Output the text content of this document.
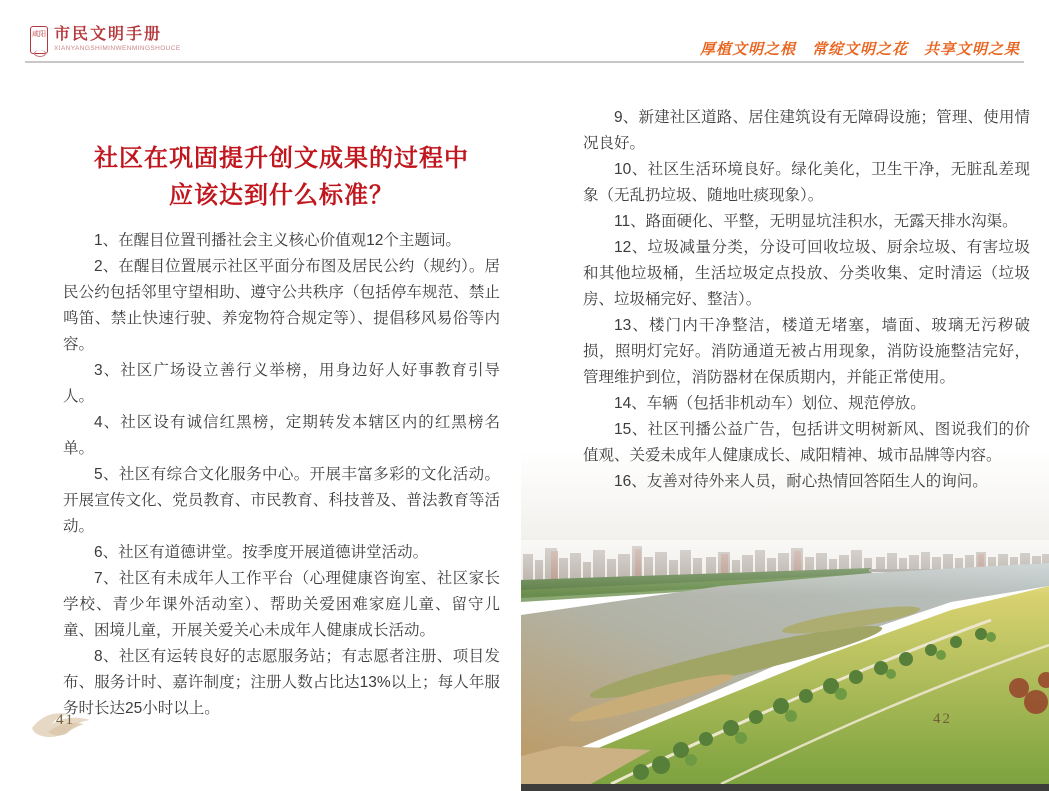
咸阳 市民文明手册
XIANYANGSHIMINWENMINGSHOUCE	厚植文明之根　常绽文明之花　共享文明之果
社区在巩固提升创文成果的过程中
应该达到什么标准？

1、在醒目位置刊播社会主义核心价值观12个主题词。

2、在醒目位置展示社区平面分布图及居民公约（规约）。居民公约包括邻里守望相助、遵守公共秩序（包括停车规范、禁止鸣笛、禁止快速行驶、养宠物符合规定等）、提倡移风易俗等内容。

3、社区广场设立善行义举榜，用身边好人好事教育引导人。

4、社区设有诚信红黑榜，定期转发本辖区内的红黑榜名单。

5、社区有综合文化服务中心。开展丰富多彩的文化活动。开展宣传文化、党员教育、市民教育、科技普及、普法教育等活动。

6、社区有道德讲堂。按季度开展道德讲堂活动。

7、社区有未成年人工作平台（心理健康咨询室、社区家长学校、青少年课外活动室）、帮助关爱困难家庭儿童、留守儿童、困境儿童，开展关爱关心未成年人健康成长活动。

8、社区有运转良好的志愿服务站；有志愿者注册、项目发布、服务计时、嘉许制度；注册人数占比达13%以上；每人年服务时长达25小时以上。

41

9、新建社区道路、居住建筑设有无障碍设施；管理、使用情况良好。

10、社区生活环境良好。绿化美化，卫生干净，无脏乱差现象（无乱扔垃圾、随地吐痰现象）。

11、路面硬化、平整，无明显坑洼积水，无露天排水沟渠。

12、垃圾减量分类，分设可回收垃圾、厨余垃圾、有害垃圾和其他垃圾桶，生活垃圾定点投放、分类收集、定时清运（垃圾房、垃圾桶完好、整洁）。

13、楼门内干净整洁，楼道无堵塞，墙面、玻璃无污秽破损，照明灯完好。消防通道无被占用现象，消防设施整洁完好，管理维护到位，消防器材在保质期内，并能正常使用。

14、车辆（包括非机动车）划位、规范停放。

15、社区刊播公益广告，包括讲文明树新风、图说我们的价值观、关爱未成年人健康成长、咸阳精神、城市品牌等内容。

16、友善对待外来人员，耐心热情回答陌生人的询问。

42
